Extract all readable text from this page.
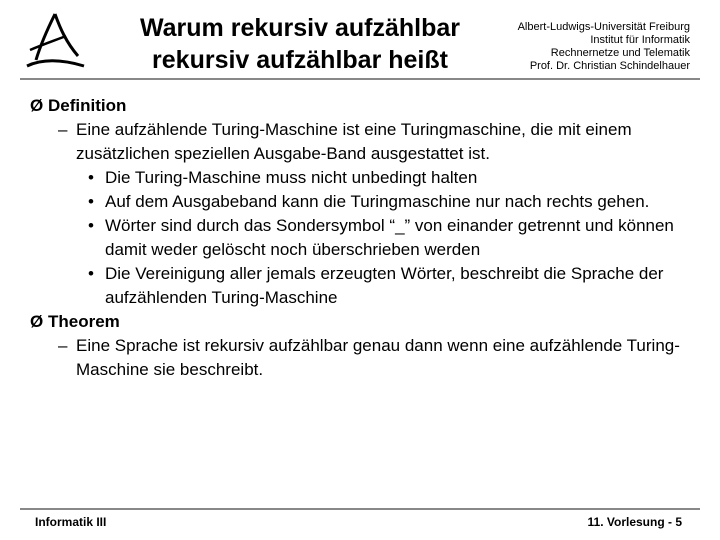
Warum rekursiv aufzählbar
rekursiv aufzählbar heißt
Albert-Ludwigs-Universität Freiburg
Institut für Informatik
Rechnernetze und Telematik
Prof. Dr. Christian Schindelhauer
Ø Definition
– Eine aufzählende Turing-Maschine ist eine Turingmaschine, die mit einem zusätzlichen speziellen Ausgabe-Band ausgestattet ist.
• Die Turing-Maschine muss nicht unbedingt halten
• Auf dem Ausgabeband kann die Turingmaschine nur nach rechts gehen.
• Wörter sind durch das Sondersymbol “_” von einander getrennt und können damit weder gelöscht noch überschrieben werden
• Die Vereinigung aller jemals erzeugten Wörter, beschreibt die Sprache der aufzählenden Turing-Maschine
Ø Theorem
– Eine Sprache ist rekursiv aufzählbar genau dann wenn eine aufzählende Turing-Maschine sie beschreibt.
Informatik III	11. Vorlesung - 5
